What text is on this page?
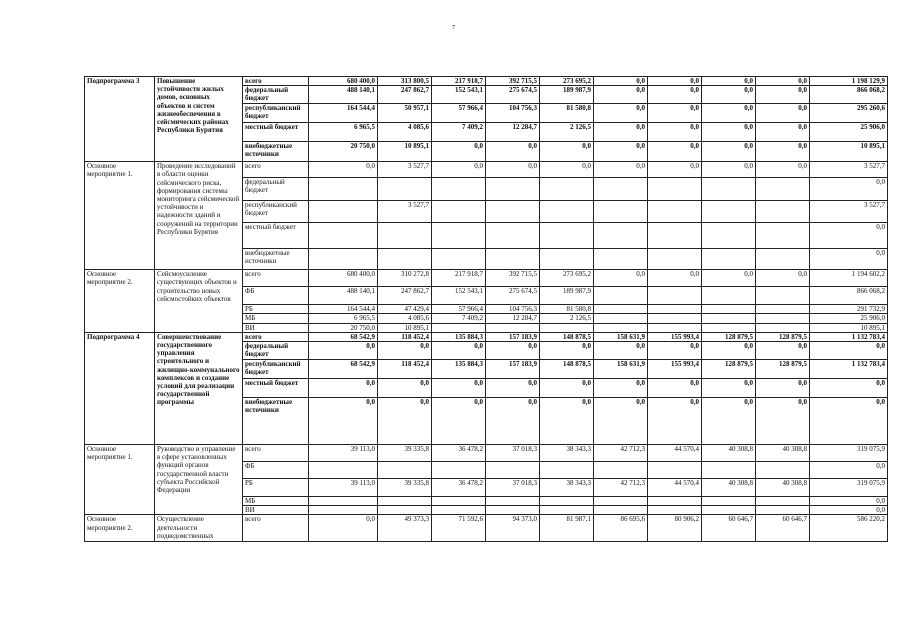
7
Подпрограмма 3	Повышение устойчивости жилых домов, основных объектов и систем жизнеобеспечения в сейсмических районах Республики Бурятия	всего	680 400,0	313 800,5	217 918,7	392 715,5	273 695,2	0,0	0,0	0,0	0,0	1 198 129,9
		федеральный бюджет	488 140,1	247 862,7	152 543,1	275 674,5	189 987,9	0,0	0,0	0,0	0,0	866 068,2
		республиканский бюджет	164 544,4	50 957,1	57 966,4	104 756,3	81 580,8	0,0	0,0	0,0	0,0	295 260,6
		местный бюджет	6 965,5	4 085,6	7 409,2	12 284,7	2 126,5	0,0	0,0	0,0	0,0	25 906,0
		внебюджетные источники	20 750,0	10 895,1	0,0	0,0	0,0	0,0	0,0	0,0	0,0	10 895,1
Основное мероприятие 1.	Проведение исследований в области оценки сейсмического риска, формирования системы мониторинга сейсмической устойчивости и надежности зданий и сооружений на территории Республики Бурятия	всего	0,0	3 527,7	0,0	0,0	0,0	0,0	0,0	0,0	0,0	3 527,7
		федеральный бюджет										0,0
		республиканский бюджет		3 527,7								3 527,7
		местный бюджет										0,0
		внебюджетные источники										0,0
Основное мероприятие 2.	Сейсмоусиление существующих объектов и строительство новых сейсмостойких объектов	всего	680 400,0	310 272,8	217 918,7	392 715,5	273 695,2	0,0	0,0	0,0	0,0	1 194 602,2
		ФБ	488 140,1	247 862,7	152 543,1	275 674,5	189 987,9					866 068,2
		РБ	164 544,4	47 429,4	57 966,4	104 756,3	81 580,8					291 732,9
		МБ	6 965,5	4 085,6	7 409,2	12 284,7	2 126,5					25 906,0
		ВИ	20 750,0	10 895,1								10 895,1
Подпрограмма 4	Совершенствование государственного управления строительного и жилищно-коммунального комплексов и создание условий для реализации государственной программы	всего	68 542,9	118 452,4	135 884,3	157 183,9	148 878,5	158 631,9	155 993,4	128 879,5	128 879,5	1 132 783,4
		федеральный бюджет	0,0	0,0	0,0	0,0	0,0	0,0	0,0	0,0	0,0	0,0
		республиканский бюджет	68 542,9	118 452,4	135 884,3	157 183,9	148 878,5	158 631,9	155 993,4	128 879,5	128 879,5	1 132 783,4
		местный бюджет	0,0	0,0	0,0	0,0	0,0	0,0	0,0	0,0	0,0	0,0
		внебюджетные источники	0,0	0,0	0,0	0,0	0,0	0,0	0,0	0,0	0,0	0,0
Основное мероприятие 1.	Руководство и управление в сфере установленных функций органов государственной власти субъекта Российской Федерации	всего	39 113,0	39 335,8	36 478,2	37 018,3	38 343,3	42 712,3	44 570,4	40 308,8	40 308,8	319 075,9
		ФБ										0,0
		РБ	39 113,0	39 335,8	36 478,2	37 018,3	38 343,3	42 712,3	44 570,4	40 308,8	40 308,8	319 075,9
		МБ										0,0
		ВИ										0,0
Основное мероприятие 2.	Осуществление деятельности подведомственных	всего	0,0	49 373,3	71 592,6	94 373,0	81 987,1	86 695,6	80 906,2	60 646,7	60 646,7	586 220,2
